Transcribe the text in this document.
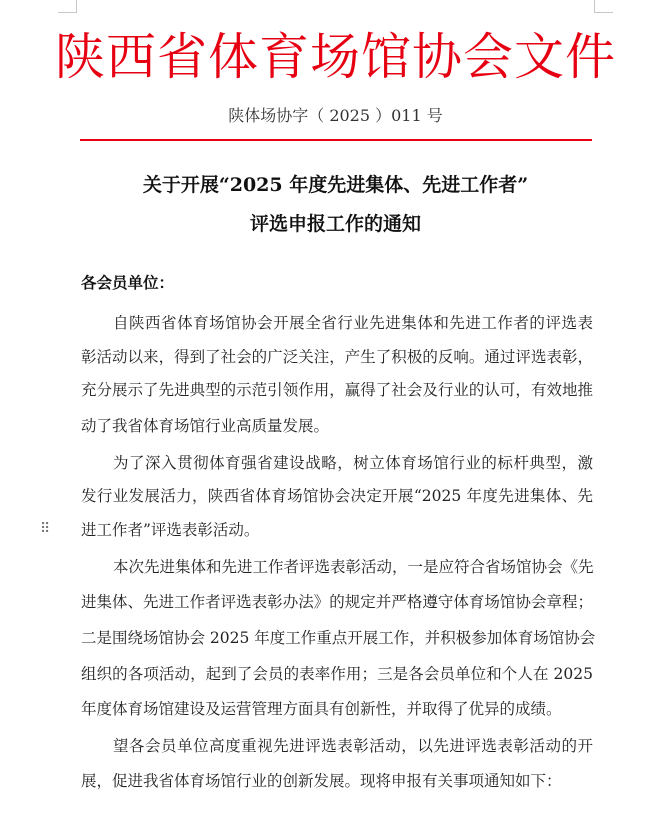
陕西省体育场馆协会文件
陕体场协字（ 2025 ）011 号
关于开展“2025 年度先进集体、先进工作者”
评选申报工作的通知
各会员单位：
自陕西省体育场馆协会开展全省行业先进集体和先进工作者的评选表
彰活动以来，得到了社会的广泛关注，产生了积极的反响。通过评选表彰，
充分展示了先进典型的示范引领作用，赢得了社会及行业的认可，有效地推
动了我省体育场馆行业高质量发展。
为了深入贯彻体育强省建设战略，树立体育场馆行业的标杆典型，激
发行业发展活力，陕西省体育场馆协会决定开展“2025 年度先进集体、先
进工作者”评选表彰活动。
本次先进集体和先进工作者评选表彰活动，一是应符合省场馆协会《先
进集体、先进工作者评选表彰办法》的规定并严格遵守体育场馆协会章程；
二是围绕场馆协会 2025 年度工作重点开展工作，并积极参加体育场馆协会
组织的各项活动，起到了会员的表率作用；三是各会员单位和个人在 2025
年度体育场馆建设及运营管理方面具有创新性，并取得了优异的成绩。
望各会员单位高度重视先进评选表彰活动，以先进评选表彰活动的开
展，促进我省体育场馆行业的创新发展。现将申报有关事项通知如下：
⠿
